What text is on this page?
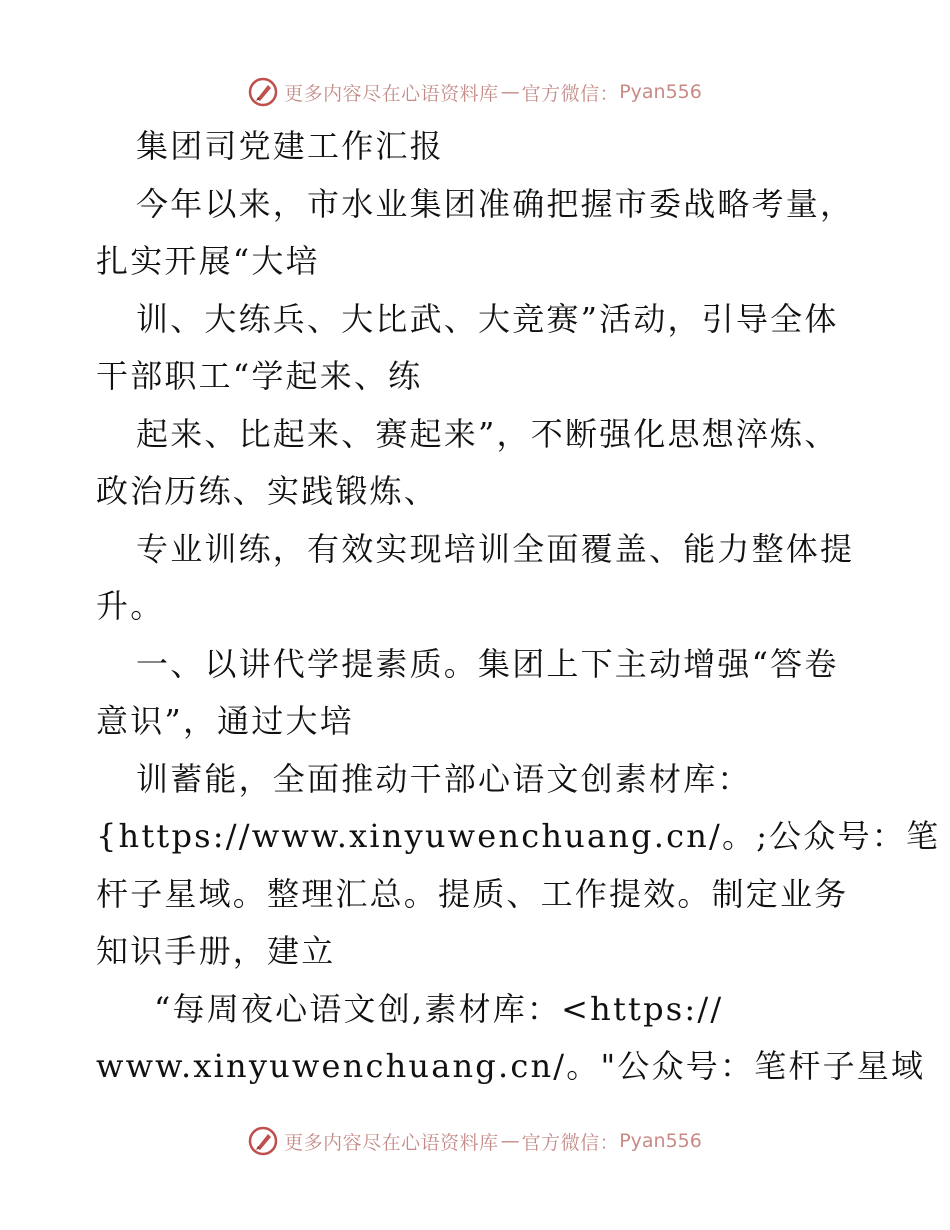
更多内容尽在心语资料库 — 官方微信： Pyan556
集团司党建工作汇报
今年以来，市水业集团准确把握市委战略考量，
扎实开展“大培
训、大练兵、大比武、大竞赛”活动，引导全体
干部职工“学起来、练
起来、比起来、赛起来”，不断强化思想淬炼、
政治历练、实践锻炼、
专业训练，有效实现培训全面覆盖、能力整体提
升。
一、以讲代学提素质。集团上下主动增强“答卷
意识”，通过大培
训蓄能，全面推动干部心语文创素材库：
{https://www.xinyuwenchuang.cn/。;公众号：笔
杆子星域。整理汇总。提质、工作提效。制定业务
知识手册，建立
“每周夜心语文创,素材库：<https://
www.xinyuwenchuang.cn/。"公众号：笔杆子星域
更多内容尽在心语资料库 — 官方微信： Pyan556
